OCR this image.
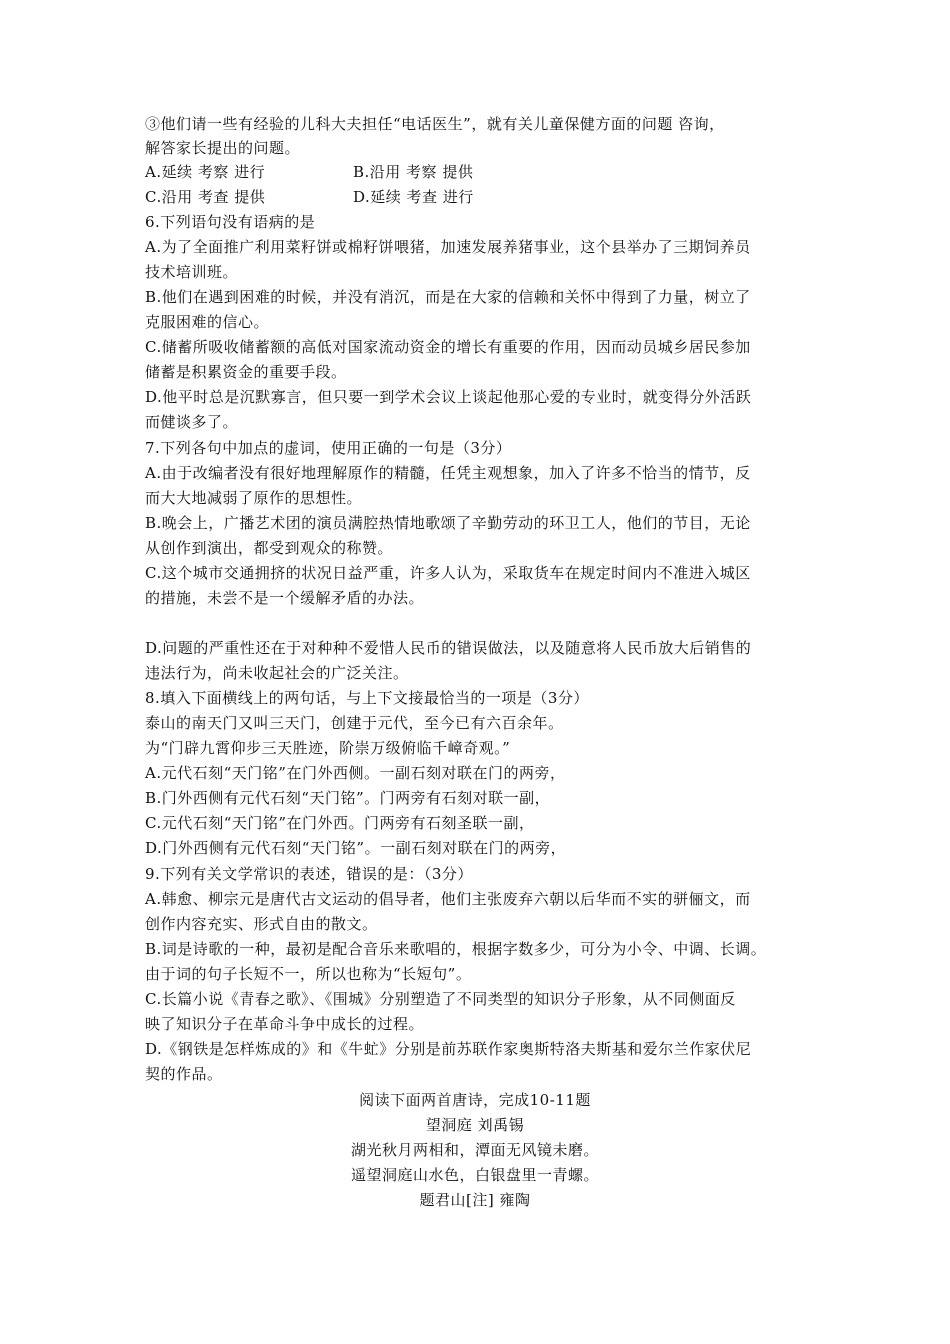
③他们请一些有经验的儿科大夫担任“电话医生”，就有关儿童保健方面的问题 咨询，
解答家长提出的问题。
A.延续 考察 进行	B.沿用 考察 提供
C.沿用 考查 提供	D.延续 考查 进行
6.下列语句没有语病的是
A.为了全面推广利用菜籽饼或棉籽饼喂猪，加速发展养猪事业，这个县举办了三期饲养员
技术培训班。
B.他们在遇到困难的时候，并没有消沉，而是在大家的信赖和关怀中得到了力量，树立了
克服困难的信心。
C.储蓄所吸收储蓄额的高低对国家流动资金的增长有重要的作用，因而动员城乡居民参加
储蓄是积累资金的重要手段。
D.他平时总是沉默寡言，但只要一到学术会议上谈起他那心爱的专业时，就变得分外活跃
而健谈多了。
7.下列各句中加点的虚词，使用正确的一句是（3分）
A.由于改编者没有很好地理解原作的精髓，任凭主观想象，加入了许多不恰当的情节，反
而大大地减弱了原作的思想性。
B.晚会上，广播艺术团的演员满腔热情地歌颂了辛勤劳动的环卫工人，他们的节目，无论
从创作到演出，都受到观众的称赞。
C.这个城市交通拥挤的状况日益严重，许多人认为，采取货车在规定时间内不准进入城区
的措施，未尝不是一个缓解矛盾的办法。
D.问题的严重性还在于对种种不爱惜人民币的错误做法，以及随意将人民币放大后销售的
违法行为，尚未收起社会的广泛关注。
8.填入下面横线上的两句话，与上下文接最恰当的一项是（3分）
泰山的南天门又叫三天门，创建于元代，至今已有六百余年。
为“门辟九霄仰步三天胜迹，阶崇万级俯临千嶂奇观。”
A.元代石刻“天门铭”在门外西侧。一副石刻对联在门的两旁，
B.门外西侧有元代石刻“天门铭”。门两旁有石刻对联一副，
C.元代石刻“天门铭”在门外西。门两旁有石刻圣联一副，
D.门外西侧有元代石刻“天门铭”。一副石刻对联在门的两旁，
9.下列有关文学常识的表述，错误的是：（3分）
A.韩愈、柳宗元是唐代古文运动的倡导者，他们主张废弃六朝以后华而不实的骈俪文，而
创作内容充实、形式自由的散文。
B.词是诗歌的一种，最初是配合音乐来歌唱的，根据字数多少，可分为小令、中调、长调。
由于词的句子长短不一，所以也称为“长短句”。
C.长篇小说《青春之歌》、《围城》分别塑造了不同类型的知识分子形象，从不同侧面反
映了知识分子在革命斗争中成长的过程。
D.《钢铁是怎样炼成的》和《牛虻》分别是前苏联作家奥斯特洛夫斯基和爱尔兰作家伏尼
契的作品。
阅读下面两首唐诗，完成10-11题
望洞庭 刘禹锡
湖光秋月两相和，潭面无风镜未磨。
遥望洞庭山水色，白银盘里一青螺。
题君山[注] 雍陶
